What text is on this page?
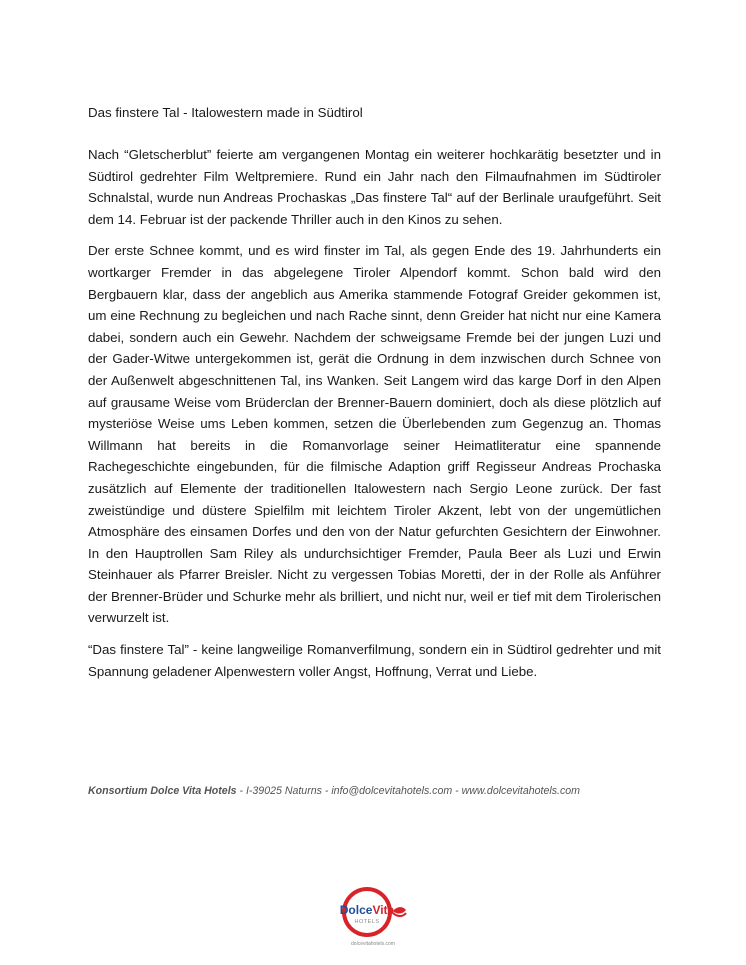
Das finstere Tal - Italowestern made in Südtirol

Nach “Gletscherblut” feierte am vergangenen Montag ein weiterer hochkarätig besetzter und in Südtirol gedrehter Film Weltpremiere. Rund ein Jahr nach den Filmaufnahmen im Südtiroler Schnalstal, wurde nun Andreas Prochaskas „Das finstere Tal“ auf der Berlinale uraufgeführt. Seit dem 14. Februar ist der packende Thriller auch in den Kinos zu sehen.

Der erste Schnee kommt, und es wird finster im Tal, als gegen Ende des 19. Jahrhunderts ein wortkarger Fremder in das abgelegene Tiroler Alpendorf kommt. Schon bald wird den Bergbauern klar, dass der angeblich aus Amerika stammende Fotograf Greider gekommen ist, um eine Rechnung zu begleichen und nach Rache sinnt, denn Greider hat nicht nur eine Kamera dabei, sondern auch ein Gewehr. Nachdem der schweigsame Fremde bei der jungen Luzi und der Gader-Witwe untergekommen ist, gerät die Ordnung in dem inzwischen durch Schnee von der Außenwelt abgeschnittenen Tal, ins Wanken. Seit Langem wird das karge Dorf in den Alpen auf grausame Weise vom Brüderclan der Brenner-Bauern dominiert, doch als diese plötzlich auf mysteriöse Weise ums Leben kommen, setzen die Überlebenden zum Gegenzug an. Thomas Willmann hat bereits in die Romanvorlage seiner Heimatliteratur eine spannende Rachegeschichte eingebunden, für die filmische Adaption griff Regisseur Andreas Prochaska zusätzlich auf Elemente der traditionellen Italowestern nach Sergio Leone zurück. Der fast zweistündige und düstere Spielfilm mit leichtem Tiroler Akzent, lebt von der ungemütlichen Atmosphäre des einsamen Dorfes und den von der Natur gefurchten Gesichtern der Einwohner. In den Hauptrollen Sam Riley als undurchsichtiger Fremder, Paula Beer als Luzi und Erwin Steinhauer als Pfarrer Breisler. Nicht zu vergessen Tobias Moretti, der in der Rolle als Anführer der Brenner-Brüder und Schurke mehr als brilliert, und nicht nur, weil er tief mit dem Tirolerischen verwurzelt ist.

“Das finstere Tal” - keine langweilige Romanverfilmung, sondern ein in Südtirol gedrehter und mit Spannung geladener Alpenwestern voller Angst, Hoffnung, Verrat und Liebe.

Konsortium Dolce Vita Hotels - I-39025 Naturns - info@dolcevitahotels.com - www.dolcevitahotels.com
DolceVita
HOTELS
dolcevitahotels.com
